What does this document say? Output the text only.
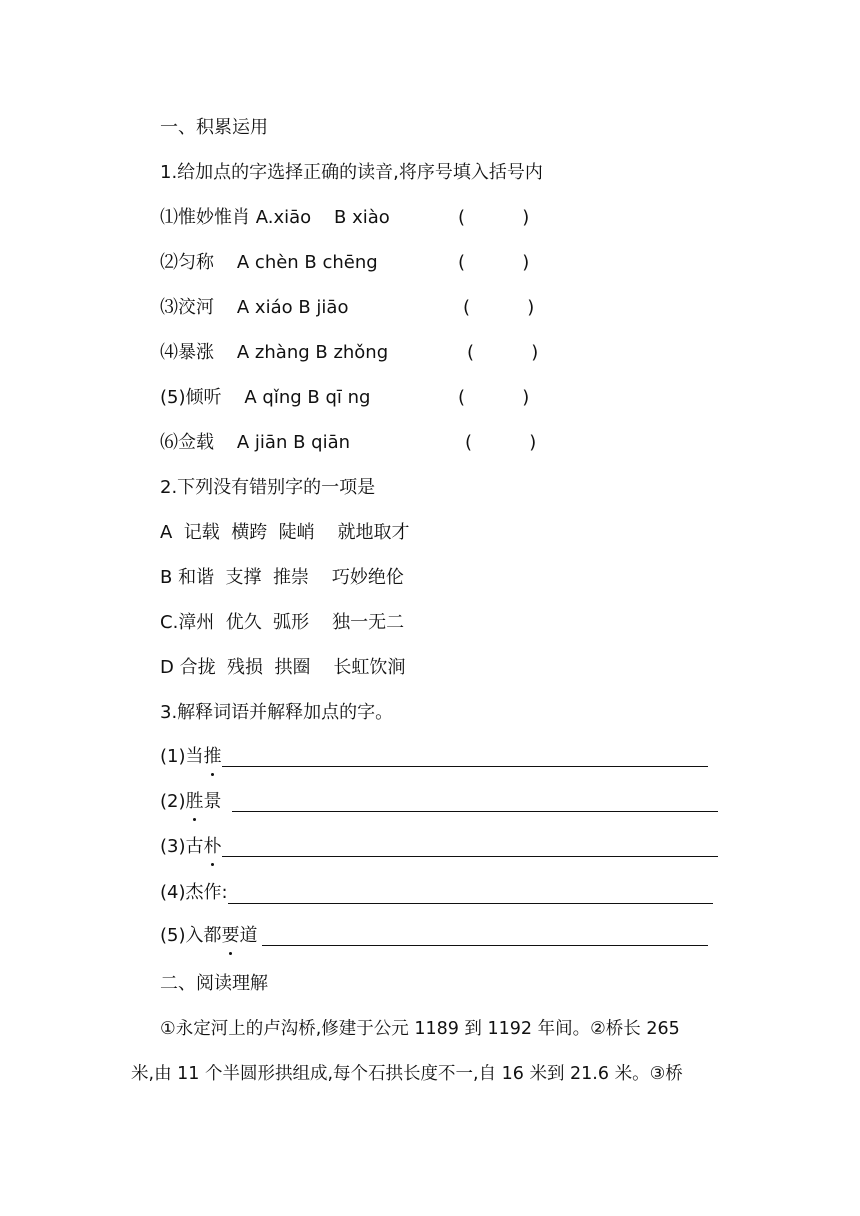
一、积累运用
1.给加点的字选择正确的读音,将序号填入括号内
⑴惟妙惟肖 A.xiāo    B xiào	(          )
⑵匀称 A chèn B chēng	(          )
⑶洨河 A xiáo B jiāo	(          )
⑷暴涨 A zhàng B zhǒng	(          )
(5)倾听 A qǐng B qī ng	(          )
⑹佥载 A jiān B qiān	(          )
2.下列没有错别字的一项是
A  记载  横跨  陡峭    就地取才
B 和谐  支撑  推崇    巧妙绝伦
C.漳州  优久  弧形    独一无二
D 合拢  残损  拱圈    长虹饮涧
3.解释词语并解释加点的字。
(1)当推
(2)胜景
(3)古朴
(4)杰作:
(5)入都要道
二、阅读理解
①永定河上的卢沟桥,修建于公元 1189 到 1192 年间。②桥长 265
米,由 11 个半圆形拱组成,每个石拱长度不一,自 16 米到 21.6 米。③桥
